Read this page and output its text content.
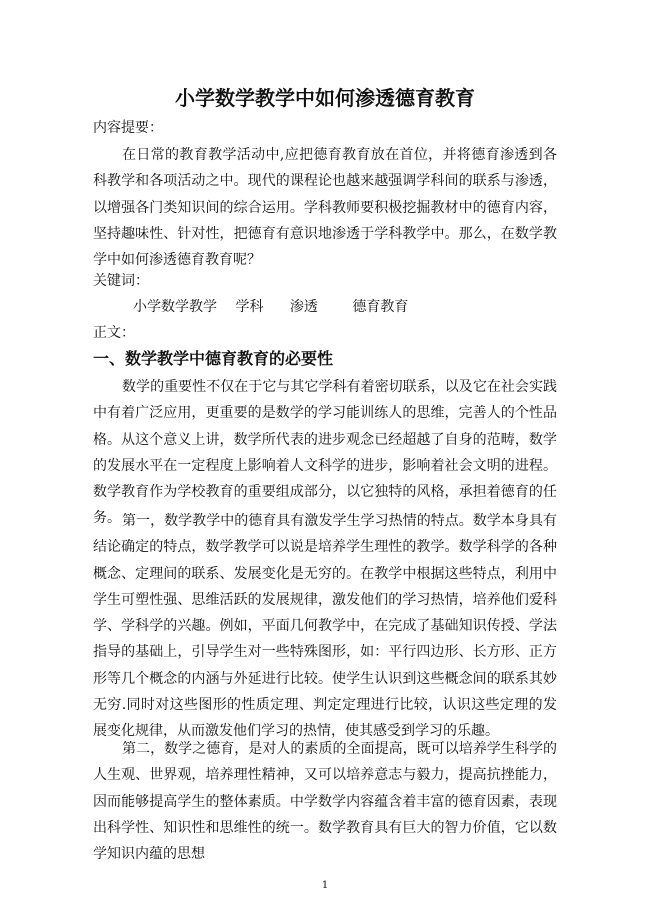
小学数学教学中如何渗透德育教育
内容提要：
在日常的教育教学活动中,应把德育教育放在首位，并将德育渗透到各科教学和各项活动之中。现代的课程论也越来越强调学科间的联系与渗透，以增强各门类知识间的综合运用。学科教师要积极挖掘教材中的德育内容，坚持趣味性、针对性，把德育有意识地渗透于学科教学中。那么，在数学教学中如何渗透德育教育呢？
关键词：
小学数学教学 学科 渗透 德育教育
正文：
一、数学教学中德育教育的必要性
数学的重要性不仅在于它与其它学科有着密切联系，以及它在社会实践中有着广泛应用，更重要的是数学的学习能训练人的思维，完善人的个性品格。从这个意义上讲，数学所代表的进步观念已经超越了自身的范畴，数学的发展水平在一定程度上影响着人文科学的进步，影响着社会文明的进程。数学教育作为学校教育的重要组成部分，以它独特的风格，承担着德育的任务。 第一，数学教学中的德育具有激发学生学习热情的特点。数学本身具有结论确定的特点，数学教学可以说是培养学生理性的教学。数学科学的各种概念、定理间的联系、发展变化是无穷的。在教学中根据这些特点，利用中学生可塑性强、思维活跃的发展规律，激发他们的学习热情，培养他们爱科学、学科学的兴趣。例如，平面几何教学中，在完成了基础知识传授、学法指导的基础上，引导学生对一些特殊图形，如：平行四边形、长方形、正方形等几个概念的内涵与外延进行比较。使学生认识到这些概念间的联系其妙无穷.同时对这些图形的性质定理、判定定理进行比较，认识这些定理的发展变化规律，从而激发他们学习的热情，使其感受到学习的乐趣。
第二，数学之德育，是对人的素质的全面提高，既可以培养学生科学的人生观、世界观，培养理性精神，又可以培养意志与毅力，提高抗挫能力，因而能够提高学生的整体素质。中学数学内容蕴含着丰富的德育因素，表现出科学性、知识性和思维性的统一。数学教育具有巨大的智力价值，它以数学知识内蕴的思想
1
